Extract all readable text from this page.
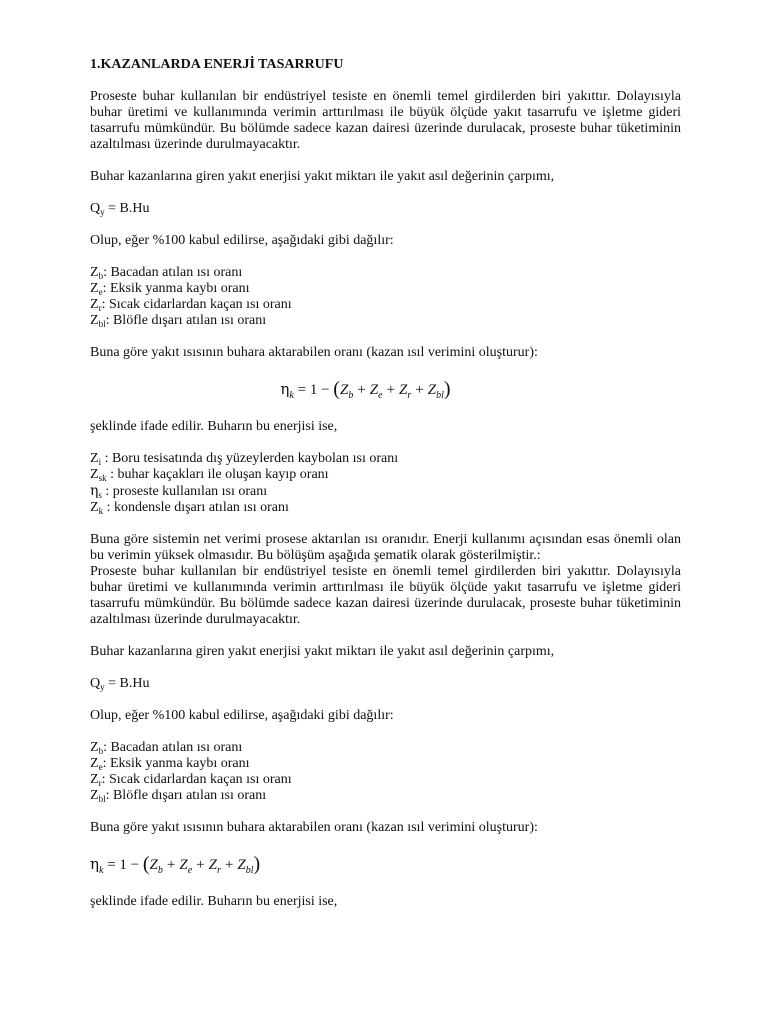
1.KAZANLARDA ENERJİ TASARRUFU

Proseste buhar kullanılan bir endüstriyel tesiste en önemli temel girdilerden biri yakıttır. Dolayısıyla buhar üretimi ve kullanımında verimin arttırılması ile büyük ölçüde yakıt tasarrufu ve işletme gideri tasarrufu mümkündür. Bu bölümde sadece kazan dairesi üzerinde durulacak, proseste buhar tüketiminin azaltılması üzerinde durulmayacaktır.

Buhar kazanlarına giren yakıt enerjisi yakıt miktarı ile yakıt asıl değerinin çarpımı,

$Q_y = B.Hu$

Olup, eğer %100 kabul edilirse, aşağıdaki gibi dağılır:

$Z_b$: Bacadan atılan ısı oranı
$Z_e$: Eksik yanma kaybı oranı
$Z_r$: Sıcak cidarlardan kaçan ısı oranı
$Z_{bl}$: Blöfle dışarı atılan ısı oranı

Buna göre yakıt ısısının buhara aktarabilen oranı (kazan ısıl verimini oluşturur):

$\eta_k = 1 - (Z_b + Z_e + Z_r + Z_{bl})$

şeklinde ifade edilir. Buharın bu enerjisi ise,

$Z_i$ : Boru tesisatında dış yüzeylerden kaybolan ısı oranı
$Z_{sk}$ : buhar kaçakları ile oluşan kayıp oranı
$\eta_s$ : proseste kullanılan ısı oranı
$Z_k$ : kondensle dışarı atılan ısı oranı

Buna göre sistemin net verimi prosese aktarılan ısı oranıdır. Enerji kullanımı açısından esas önemli olan bu verimin yüksek olmasıdır. Bu bölüşüm aşağıda şematik olarak gösterilmiştir.:

Proseste buhar kullanılan bir endüstriyel tesiste en önemli temel girdilerden biri yakıttır. Dolayısıyla buhar üretimi ve kullanımında verimin arttırılması ile büyük ölçüde yakıt tasarrufu ve işletme gideri tasarrufu mümkündür. Bu bölümde sadece kazan dairesi üzerinde durulacak, proseste buhar tüketiminin azaltılması üzerinde durulmayacaktır.

Buhar kazanlarına giren yakıt enerjisi yakıt miktarı ile yakıt asıl değerinin çarpımı,

$Q_y = B.Hu$

Olup, eğer %100 kabul edilirse, aşağıdaki gibi dağılır:

$Z_b$: Bacadan atılan ısı oranı
$Z_e$: Eksik yanma kaybı oranı
$Z_r$: Sıcak cidarlardan kaçan ısı oranı
$Z_{bl}$: Blöfle dışarı atılan ısı oranı

Buna göre yakıt ısısının buhara aktarabilen oranı (kazan ısıl verimini oluşturur):

$\eta_k = 1 - (Z_b + Z_e + Z_r + Z_{bl})$

şeklinde ifade edilir. Buharın bu enerjisi ise,
